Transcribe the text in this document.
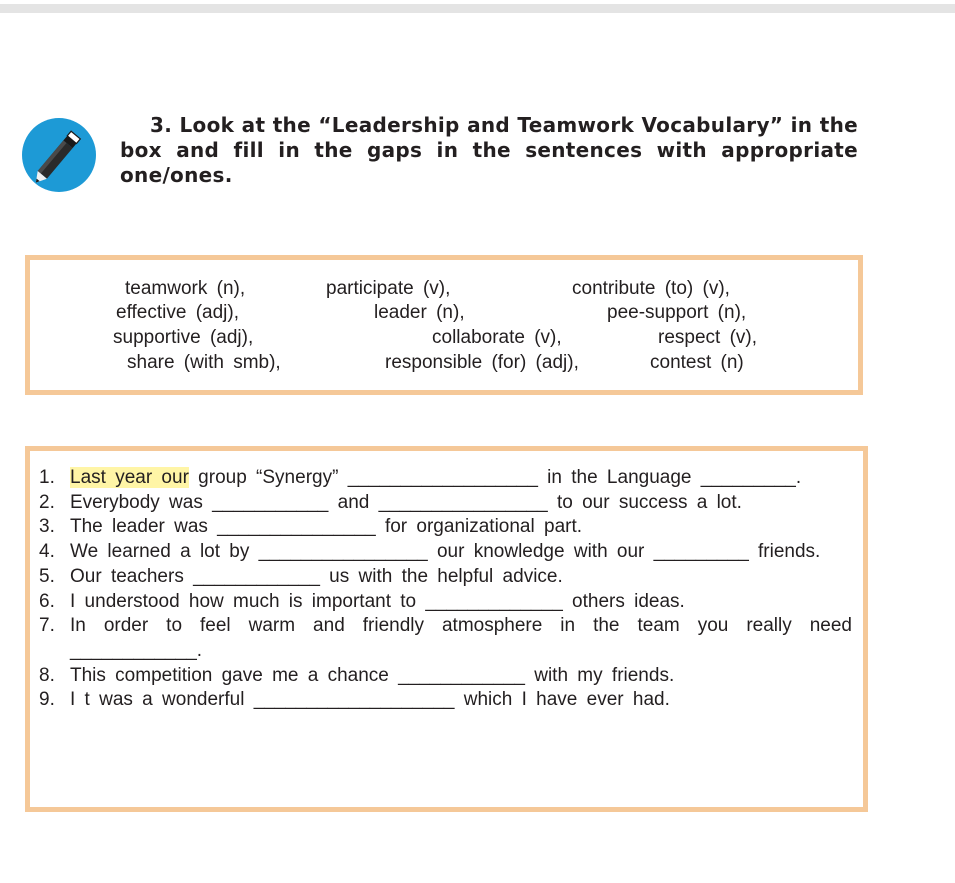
3. Look at the “Leadership and Teamwork Vocabulary” in the box and fill in the gaps in the sentences with appropriate one/ones.
teamwork (n),	participate (v),	contribute (to) (v),
effective (adj),	leader (n),	pee-support (n),
supportive (adj),	collaborate (v),	respect (v),
share (with smb),	responsible (for) (adj),	contest (n)
1. Last year our group “Synergy” __________________ in the Language _________.
2. Everybody was ___________ and ________________ to our success a lot.
3. The leader was _______________ for organizational part.
4. We learned a lot by ________________ our knowledge with our _________ friends.
5. Our teachers ____________ us with the helpful advice.
6. I understood how much is important to _____________ others ideas.
7. In order to feel warm and friendly atmosphere in the team you really need ____________.
8. This competition gave me a chance ____________ with my friends.
9. I t was a wonderful ___________________ which I have ever had.
